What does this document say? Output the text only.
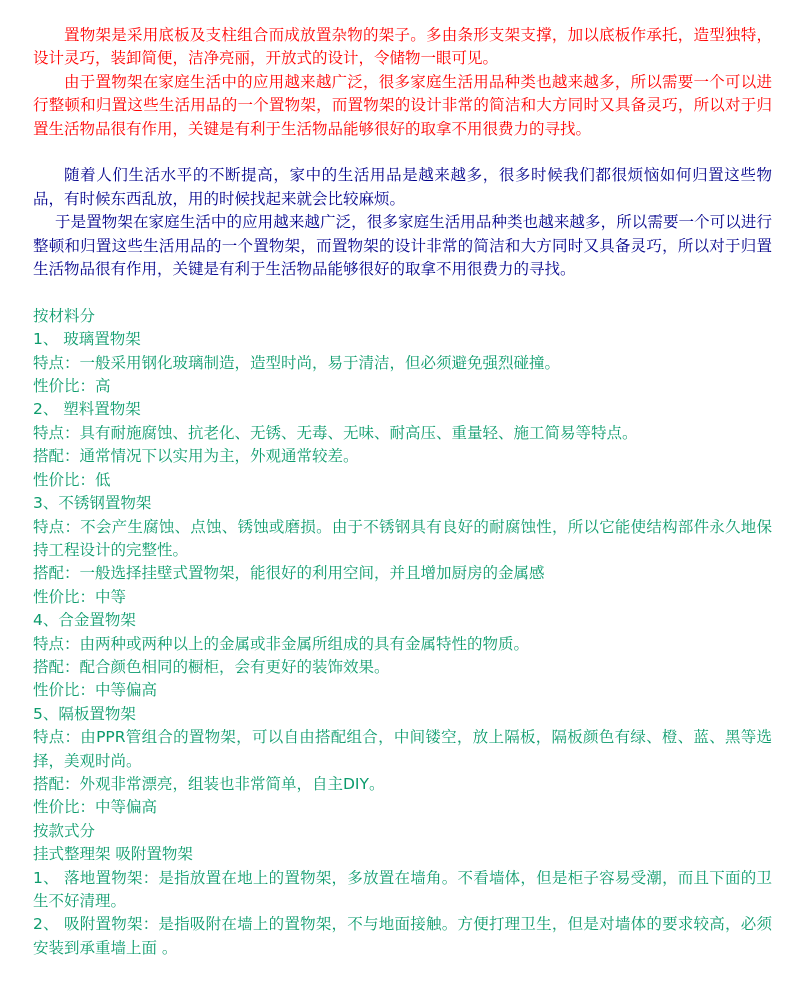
置物架是采用底板及支柱组合而成放置杂物的架子。多由条形支架支撑，加以底板作承托，造型独特，设计灵巧，装卸简便，洁净亮丽，开放式的设计，令储物一眼可见。

由于置物架在家庭生活中的应用越来越广泛，很多家庭生活用品种类也越来越多，所以需要一个可以进行整顿和归置这些生活用品的一个置物架，而置物架的设计非常的简洁和大方同时又具备灵巧，所以对于归置生活物品很有作用，关键是有利于生活物品能够很好的取拿不用很费力的寻找。

随着人们生活水平的不断提高，家中的生活用品是越来越多，很多时候我们都很烦恼如何归置这些物品，有时候东西乱放，用的时候找起来就会比较麻烦。

于是置物架在家庭生活中的应用越来越广泛，很多家庭生活用品种类也越来越多，所以需要一个可以进行整顿和归置这些生活用品的一个置物架，而置物架的设计非常的简洁和大方同时又具备灵巧，所以对于归置生活物品很有作用，关键是有利于生活物品能够很好的取拿不用很费力的寻找。

按材料分

1、 玻璃置物架

特点：一般采用钢化玻璃制造，造型时尚，易于清洁，但必须避免强烈碰撞。

性价比：高

2、 塑料置物架

特点：具有耐施腐蚀、抗老化、无锈、无毒、无味、耐高压、重量轻、施工简易等特点。

搭配：通常情况下以实用为主，外观通常较差。

性价比：低

3、不锈钢置物架

特点：不会产生腐蚀、点蚀、锈蚀或磨损。由于不锈钢具有良好的耐腐蚀性，所以它能使结构部件永久地保持工程设计的完整性。

搭配：一般选择挂壁式置物架，能很好的利用空间，并且增加厨房的金属感

性价比：中等

4、合金置物架

特点：由两种或两种以上的金属或非金属所组成的具有金属特性的物质。

搭配：配合颜色相同的橱柜，会有更好的装饰效果。

性价比：中等偏高

5、隔板置物架

特点：由PPR管组合的置物架，可以自由搭配组合，中间镂空，放上隔板，隔板颜色有绿、橙、蓝、黑等选择，美观时尚。

搭配：外观非常漂亮，组装也非常简单，自主DIY。

性价比：中等偏高

按款式分

挂式整理架 吸附置物架

1、 落地置物架：是指放置在地上的置物架，多放置在墙角。不看墙体，但是柜子容易受潮，而且下面的卫生不好清理。

2、 吸附置物架：是指吸附在墙上的置物架，不与地面接触。方便打理卫生，但是对墙体的要求较高，必须安装到承重墙上面 。
